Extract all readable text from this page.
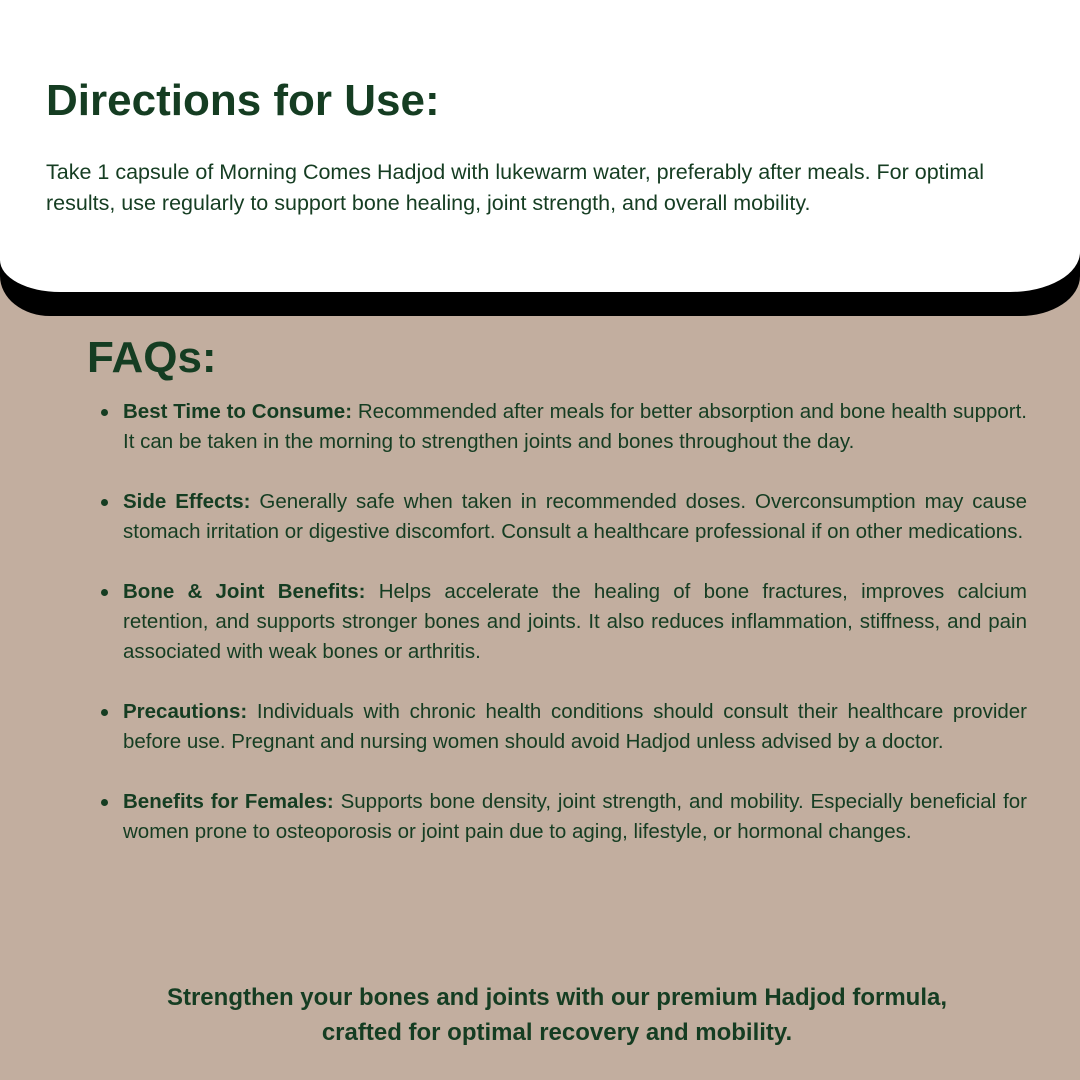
Directions for Use:

Take 1 capsule of Morning Comes Hadjod with lukewarm water, preferably after meals. For optimal results, use regularly to support bone healing, joint strength, and overall mobility.

FAQs:
Best Time to Consume: Recommended after meals for better absorption and bone health support. It can be taken in the morning to strengthen joints and bones throughout the day.
Side Effects: Generally safe when taken in recommended doses. Overconsumption may cause stomach irritation or digestive discomfort. Consult a healthcare professional if on other medications.
Bone & Joint Benefits: Helps accelerate the healing of bone fractures, improves calcium retention, and supports stronger bones and joints. It also reduces inflammation, stiffness, and pain associated with weak bones or arthritis.
Precautions: Individuals with chronic health conditions should consult their healthcare provider before use. Pregnant and nursing women should avoid Hadjod unless advised by a doctor.
Benefits for Females: Supports bone density, joint strength, and mobility. Especially beneficial for women prone to osteoporosis or joint pain due to aging, lifestyle, or hormonal changes.

Strengthen your bones and joints with our premium Hadjod formula,
crafted for optimal recovery and mobility.
